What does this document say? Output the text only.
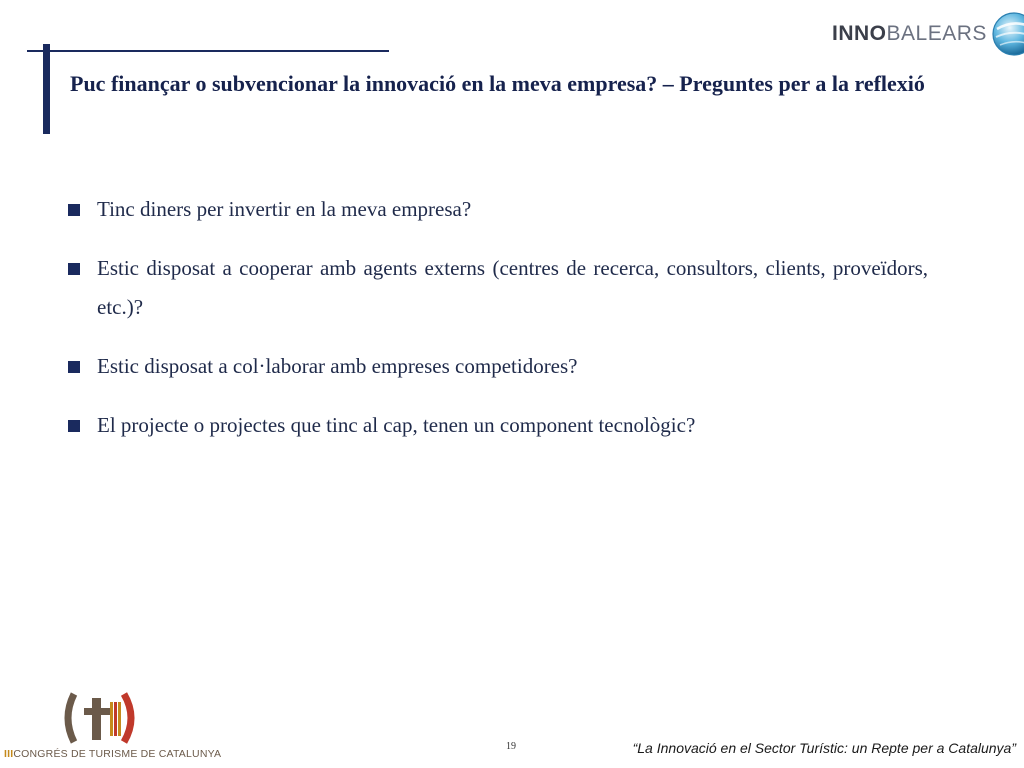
INNOBALEARS
Puc finançar o subvencionar la innovació en la meva empresa? – Preguntes per a la reflexió
Tinc diners per invertir en la meva empresa?
Estic disposat a cooperar amb agents externs (centres de recerca, consultors, clients, proveïdors, etc.)?
Estic disposat a col·laborar amb empreses competidores?
El projecte o projectes que tinc al cap, tenen un component tecnològic?
IIICONGRÉS DE TURISME DE CATALUNYA
19	“La Innovació en el Sector Turístic: un Repte per a Catalunya”
